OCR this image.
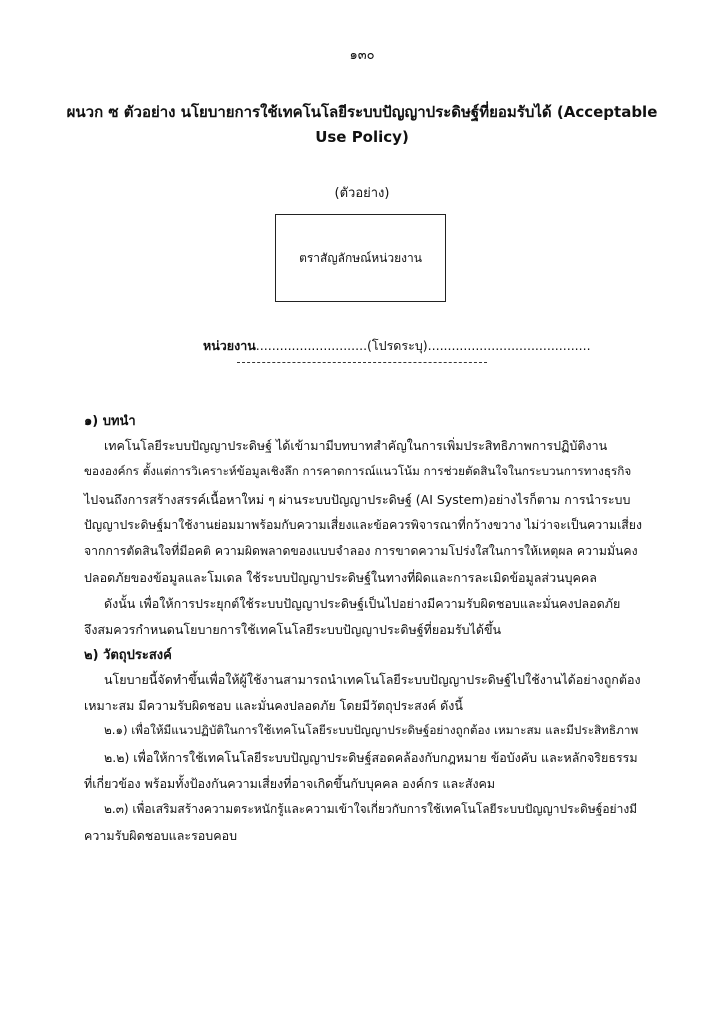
๑๓๐
ผนวก ซ ตัวอย่าง นโยบายการใช้เทคโนโลยีระบบปัญญาประดิษฐ์ที่ยอมรับได้ (Acceptable
Use Policy)
(ตัวอย่าง)
ตราสัญลักษณ์หน่วยงาน
หน่วยงาน............................(โปรดระบุ).........................................
๑) บทนำ
เทคโนโลยีระบบปัญญาประดิษฐ์ ได้เข้ามามีบทบาทสำคัญในการเพิ่มประสิทธิภาพการปฏิบัติงาน
ขององค์กร ตั้งแต่การวิเคราะห์ข้อมูลเชิงลึก การคาดการณ์แนวโน้ม การช่วยตัดสินใจในกระบวนการทางธุรกิจ
ไปจนถึงการสร้างสรรค์เนื้อหาใหม่ ๆ ผ่านระบบปัญญาประดิษฐ์ (AI System)อย่างไรก็ตาม การนำระบบ
ปัญญาประดิษฐ์มาใช้งานย่อมมาพร้อมกับความเสี่ยงและข้อควรพิจารณาที่กว้างขวาง ไม่ว่าจะเป็นความเสี่ยง
จากการตัดสินใจที่มีอคติ ความผิดพลาดของแบบจำลอง การขาดความโปร่งใสในการให้เหตุผล ความมั่นคง
ปลอดภัยของข้อมูลและโมเดล ใช้ระบบปัญญาประดิษฐ์ในทางที่ผิดและการละเมิดข้อมูลส่วนบุคคล
ดังนั้น เพื่อให้การประยุกต์ใช้ระบบปัญญาประดิษฐ์เป็นไปอย่างมีความรับผิดชอบและมั่นคงปลอดภัย
จึงสมควรกำหนดนโยบายการใช้เทคโนโลยีระบบปัญญาประดิษฐ์ที่ยอมรับได้ขึ้น
๒) วัตถุประสงค์
นโยบายนี้จัดทำขึ้นเพื่อให้ผู้ใช้งานสามารถนำเทคโนโลยีระบบปัญญาประดิษฐ์ไปใช้งานได้อย่างถูกต้อง
เหมาะสม มีความรับผิดชอบ และมั่นคงปลอดภัย โดยมีวัตถุประสงค์ ดังนี้
๒.๑) เพื่อให้มีแนวปฏิบัติในการใช้เทคโนโลยีระบบปัญญาประดิษฐ์อย่างถูกต้อง เหมาะสม และมีประสิทธิภาพ
๒.๒) เพื่อให้การใช้เทคโนโลยีระบบปัญญาประดิษฐ์สอดคล้องกับกฎหมาย ข้อบังคับ และหลักจริยธรรม
ที่เกี่ยวข้อง พร้อมทั้งป้องกันความเสี่ยงที่อาจเกิดขึ้นกับบุคคล องค์กร และสังคม
๒.๓) เพื่อเสริมสร้างความตระหนักรู้และความเข้าใจเกี่ยวกับการใช้เทคโนโลยีระบบปัญญาประดิษฐ์อย่างมี
ความรับผิดชอบและรอบคอบ
